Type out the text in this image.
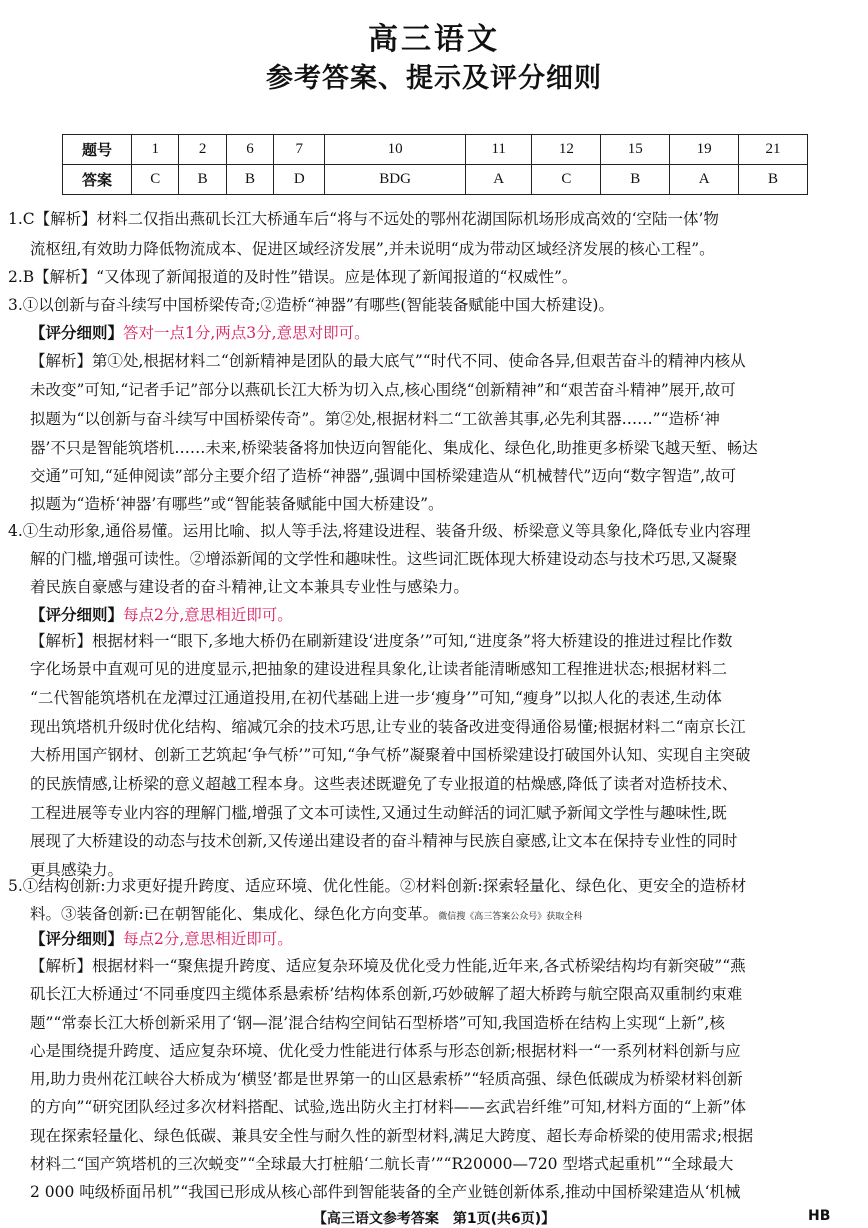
高三语文
参考答案、提示及评分细则
题号	1	2	6	7	10	11	12	15	19	21
答案	C	B	B	D	BDG	A	C	B	A	B
1.C【解析】材料二仅指出燕矶长江大桥通车后“将与不远处的鄂州花湖国际机场形成高效的‘空陆一体’物
流枢纽,有效助力降低物流成本、促进区域经济发展”,并未说明“成为带动区域经济发展的核心工程”。
2.B【解析】“又体现了新闻报道的及时性”错误。应是体现了新闻报道的“权威性”。
3.①以创新与奋斗续写中国桥梁传奇;②造桥“神器”有哪些(智能装备赋能中国大桥建设)。
【评分细则】答对一点1分,两点3分,意思对即可。
【解析】第①处,根据材料二“创新精神是团队的最大底气”“时代不同、使命各异,但艰苦奋斗的精神内核从
未改变”可知,“记者手记”部分以燕矶长江大桥为切入点,核心围绕“创新精神”和“艰苦奋斗精神”展开,故可
拟题为“以创新与奋斗续写中国桥梁传奇”。第②处,根据材料二“工欲善其事,必先利其器……”“造桥‘神
器’不只是智能筑塔机……未来,桥梁装备将加快迈向智能化、集成化、绿色化,助推更多桥梁飞越天堑、畅达
交通”可知,“延伸阅读”部分主要介绍了造桥“神器”,强调中国桥梁建造从“机械替代”迈向“数字智造”,故可
拟题为“造桥‘神器’有哪些”或“智能装备赋能中国大桥建设”。
4.①生动形象,通俗易懂。运用比喻、拟人等手法,将建设进程、装备升级、桥梁意义等具象化,降低专业内容理
解的门槛,增强可读性。②增添新闻的文学性和趣味性。这些词汇既体现大桥建设动态与技术巧思,又凝聚
着民族自豪感与建设者的奋斗精神,让文本兼具专业性与感染力。
【评分细则】每点2分,意思相近即可。
【解析】根据材料一“眼下,多地大桥仍在刷新建设‘进度条’”可知,“进度条”将大桥建设的推进过程比作数
字化场景中直观可见的进度显示,把抽象的建设进程具象化,让读者能清晰感知工程推进状态;根据材料二
“二代智能筑塔机在龙潭过江通道投用,在初代基础上进一步‘瘦身’”可知,“瘦身”以拟人化的表述,生动体
现出筑塔机升级时优化结构、缩减冗余的技术巧思,让专业的装备改进变得通俗易懂;根据材料二“南京长江
大桥用国产钢材、创新工艺筑起‘争气桥’”可知,“争气桥”凝聚着中国桥梁建设打破国外认知、实现自主突破
的民族情感,让桥梁的意义超越工程本身。这些表述既避免了专业报道的枯燥感,降低了读者对造桥技术、
工程进展等专业内容的理解门槛,增强了文本可读性,又通过生动鲜活的词汇赋予新闻文学性与趣味性,既
展现了大桥建设的动态与技术创新,又传递出建设者的奋斗精神与民族自豪感,让文本在保持专业性的同时
更具感染力。
5.①结构创新:力求更好提升跨度、适应环境、优化性能。②材料创新:探索轻量化、绿色化、更安全的造桥材
料。③装备创新:已在朝智能化、集成化、绿色化方向变革。微信搜《高三答案公众号》获取全科
【评分细则】每点2分,意思相近即可。
【解析】根据材料一“聚焦提升跨度、适应复杂环境及优化受力性能,近年来,各式桥梁结构均有新突破”“燕
矶长江大桥通过‘不同垂度四主缆体系悬索桥’结构体系创新,巧妙破解了超大桥跨与航空限高双重制约束难
题”“常泰长江大桥创新采用了‘钢—混’混合结构空间钻石型桥塔”可知,我国造桥在结构上实现“上新”,核
心是围绕提升跨度、适应复杂环境、优化受力性能进行体系与形态创新;根据材料一“一系列材料创新与应
用,助力贵州花江峡谷大桥成为‘横竖’都是世界第一的山区悬索桥”“轻质高强、绿色低碳成为桥梁材料创新
的方向”“研究团队经过多次材料搭配、试验,选出防火主打材料——玄武岩纤维”可知,材料方面的“上新”体
现在探索轻量化、绿色低碳、兼具安全性与耐久性的新型材料,满足大跨度、超长寿命桥梁的使用需求;根据
材料二“国产筑塔机的三次蜕变”“全球最大打桩船‘二航长青’”“R20000—720 型塔式起重机”“全球最大
2 000 吨级桥面吊机”“我国已形成从核心部件到智能装备的全产业链创新体系,推动中国桥梁建造从‘机械
【高三语文参考答案　第1页(共6页)】	HB
